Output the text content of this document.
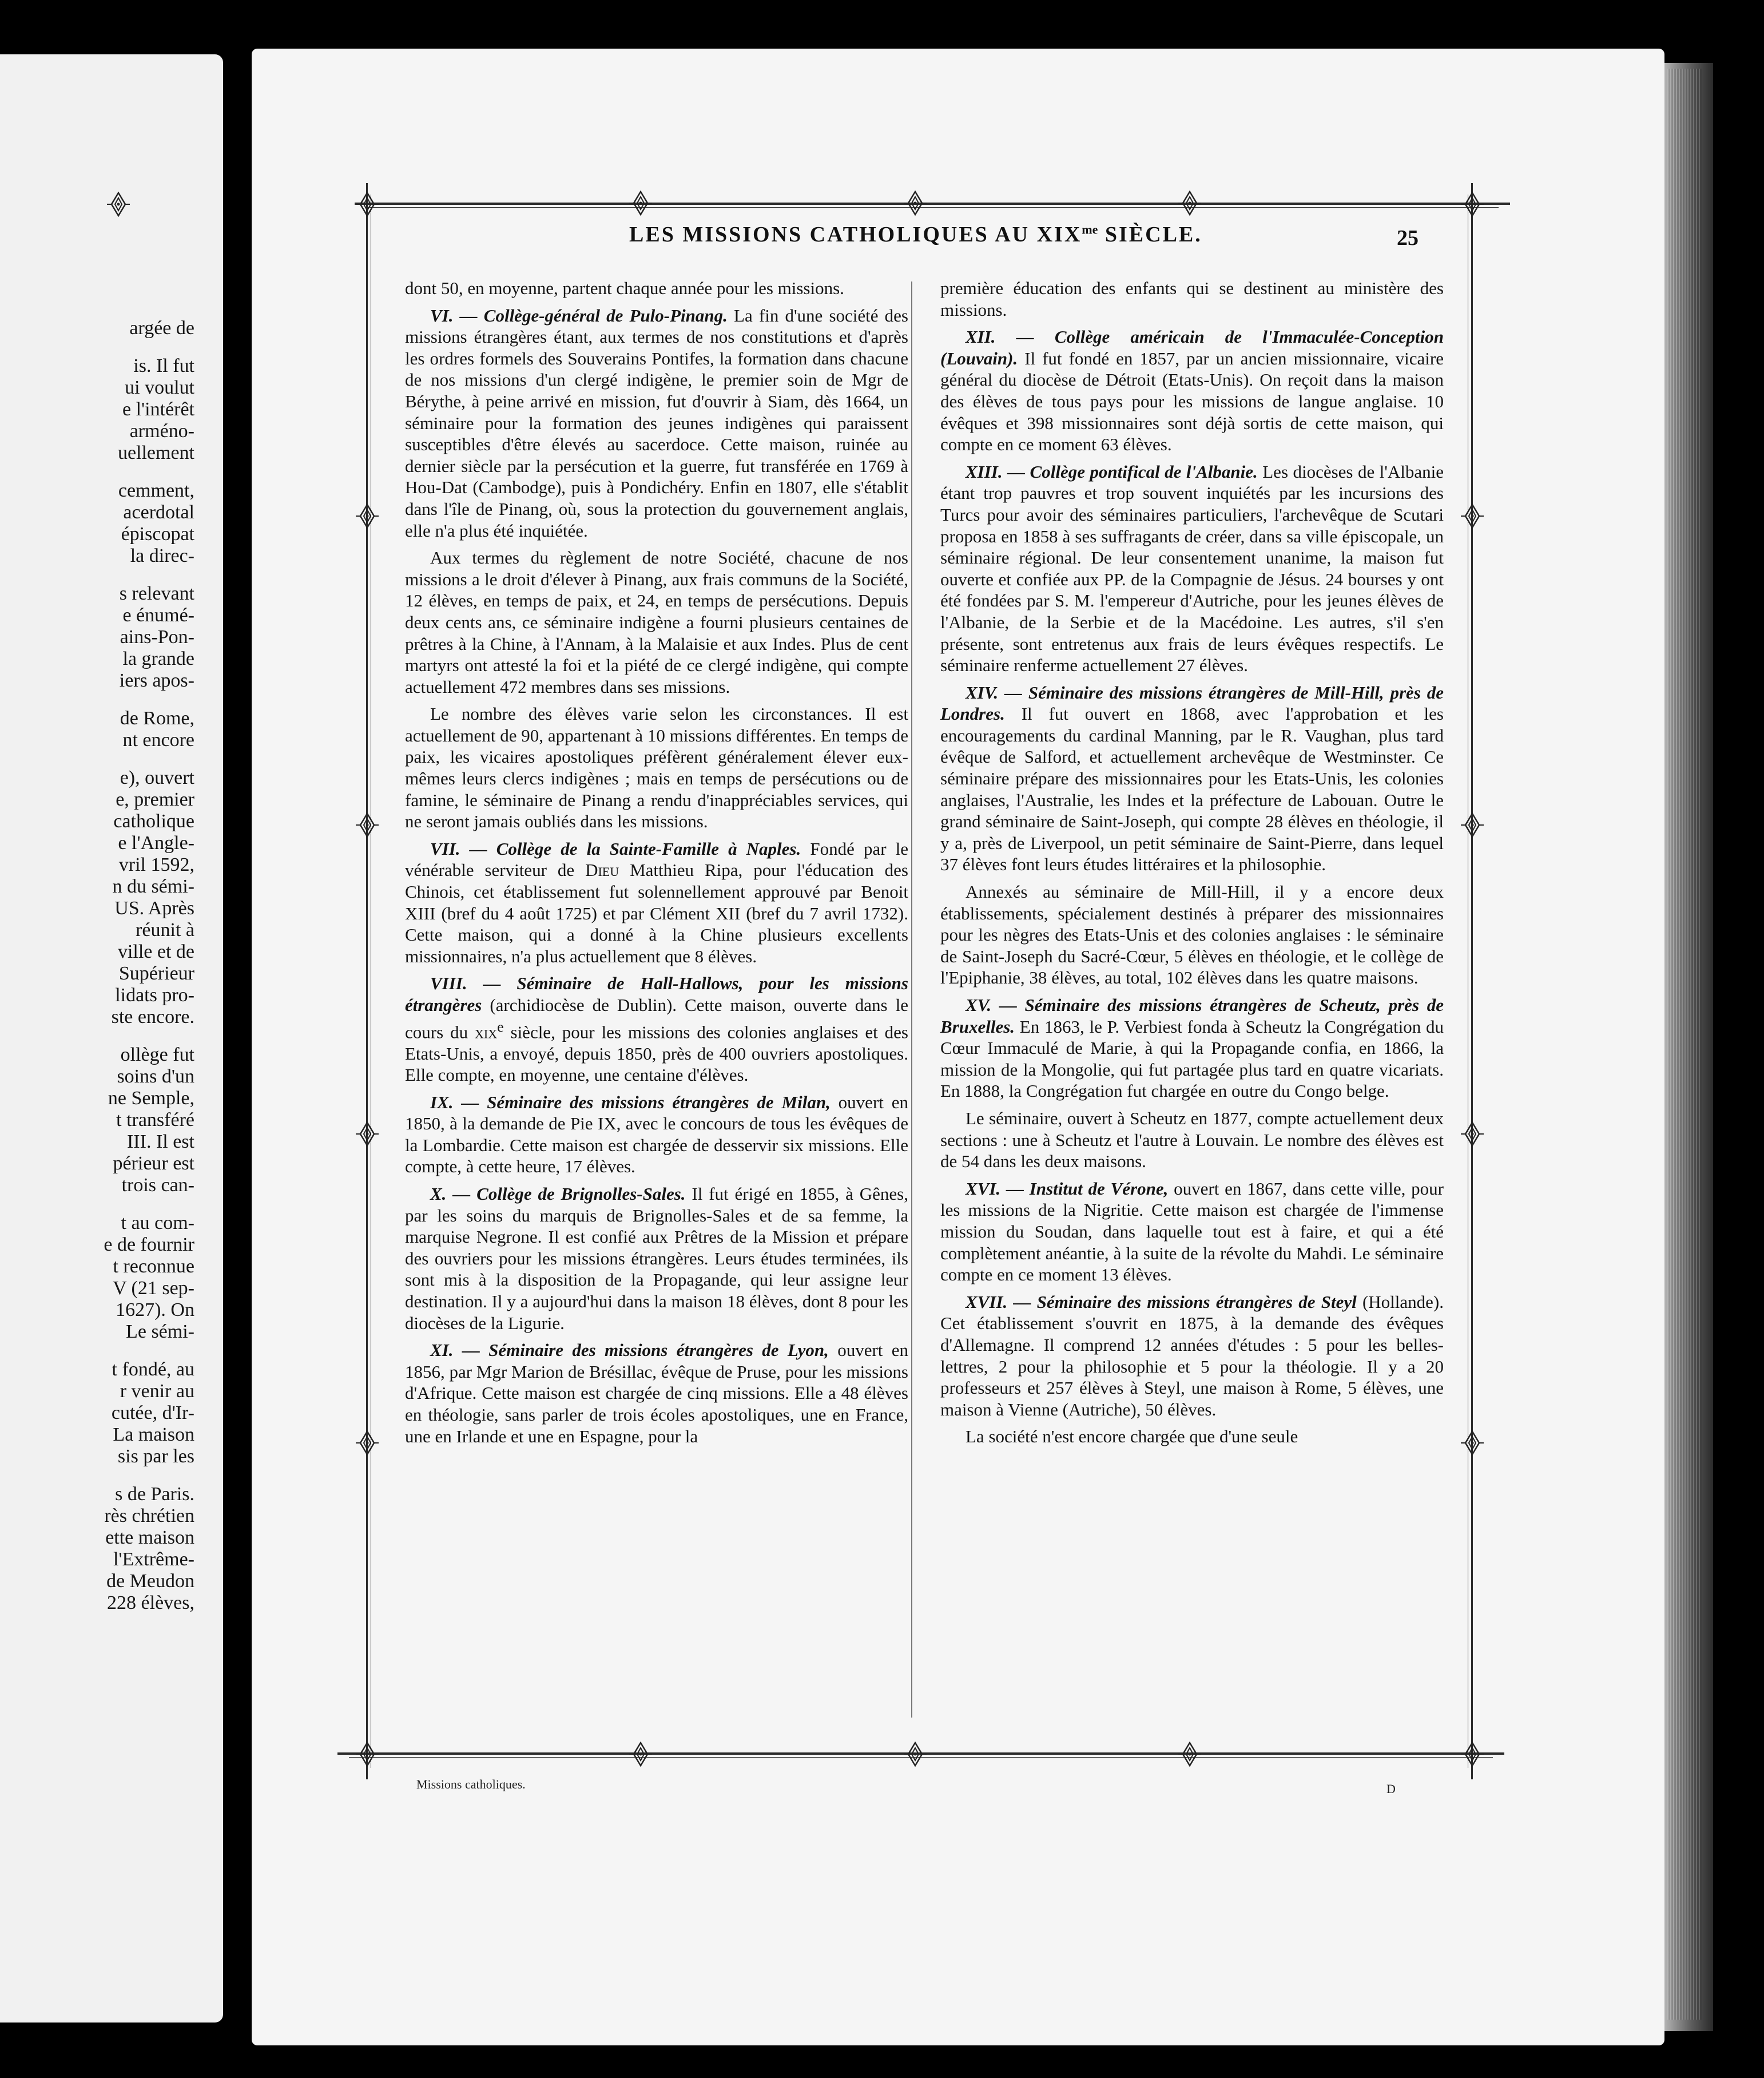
argée de
is. Il fut
ui voulut
e l'intérêt
arméno-
uellement
cemment,
acerdotal
épiscopat
la direc-
s relevant
e énumé-
ains-Pon-
la grande
iers apos-
de Rome,
nt encore
e), ouvert
e, premier
catholique
e l'Angle-
vril 1592,
n du sémi-
US. Après
réunit à
ville et de
Supérieur
lidats pro-
ste encore.
ollège fut
soins d'un
ne Semple,
t transféré
III. Il est
périeur est
trois can-
t au com-
e de fournir
t reconnue
V (21 sep-
1627). On
Le sémi-
t fondé, au
r venir au
cutée, d'Ir-
La maison
sis par les
s de Paris.
rès chrétien
ette maison
l'Extrême-
de Meudon
228 élèves,
LES MISSIONS CATHOLIQUES AU $XIX^{me}$ SIÈCLE.	25

dont 50, en moyenne, partent chaque année pour les missions.

VI. — Collège-général de Pulo-Pinang. La fin d'une société des missions étrangères étant, aux termes de nos constitutions et d'après les ordres formels des Souverains Pontifes, la formation dans chacune de nos missions d'un clergé indigène, le premier soin de Mgr de Bérythe, à peine arrivé en mission, fut d'ouvrir à Siam, dès 1664, un séminaire pour la formation des jeunes indigènes qui paraissent susceptibles d'être élevés au sacerdoce. Cette maison, ruinée au dernier siècle par la persécution et la guerre, fut transférée en 1769 à Hou-Dat (Cambodge), puis à Pondichéry. Enfin en 1807, elle s'établit dans l'île de Pinang, où, sous la protection du gouvernement anglais, elle n'a plus été inquiétée.

Aux termes du règlement de notre Société, chacune de nos missions a le droit d'élever à Pinang, aux frais communs de la Société, 12 élèves, en temps de paix, et 24, en temps de persécutions. Depuis deux cents ans, ce séminaire indigène a fourni plusieurs centaines de prêtres à la Chine, à l'Annam, à la Malaisie et aux Indes. Plus de cent martyrs ont attesté la foi et la piété de ce clergé indigène, qui compte actuellement 472 membres dans ses missions.

Le nombre des élèves varie selon les circonstances. Il est actuellement de 90, appartenant à 10 missions différentes. En temps de paix, les vicaires apostoliques préfèrent généralement élever eux-mêmes leurs clercs indigènes ; mais en temps de persécutions ou de famine, le séminaire de Pinang a rendu d'inappréciables services, qui ne seront jamais oubliés dans les missions.

VII. — Collège de la Sainte-Famille à Naples. Fondé par le vénérable serviteur de Dieu Matthieu Ripa, pour l'éducation des Chinois, cet établissement fut solennellement approuvé par Benoit XIII (bref du 4 août 1725) et par Clément XII (bref du 7 avril 1732). Cette maison, qui a donné à la Chine plusieurs excellents missionnaires, n'a plus actuellement que 8 élèves.

VIII. — Séminaire de Hall-Hallows, pour les missions étrangères (archidiocèse de Dublin). Cette maison, ouverte dans le cours du xix$^e$ siècle, pour les missions des colonies anglaises et des Etats-Unis, a envoyé, depuis 1850, près de 400 ouvriers apostoliques. Elle compte, en moyenne, une centaine d'élèves.

IX. — Séminaire des missions étrangères de Milan, ouvert en 1850, à la demande de Pie IX, avec le concours de tous les évêques de la Lombardie. Cette maison est chargée de desservir six missions. Elle compte, à cette heure, 17 élèves.

X. — Collège de Brignolles-Sales. Il fut érigé en 1855, à Gênes, par les soins du marquis de Brignolles-Sales et de sa femme, la marquise Negrone. Il est confié aux Prêtres de la Mission et prépare des ouvriers pour les missions étrangères. Leurs études terminées, ils sont mis à la disposition de la Propagande, qui leur assigne leur destination. Il y a aujourd'hui dans la maison 18 élèves, dont 8 pour les diocèses de la Ligurie.

XI. — Séminaire des missions étrangères de Lyon, ouvert en 1856, par Mgr Marion de Brésillac, évêque de Pruse, pour les missions d'Afrique. Cette maison est chargée de cinq missions. Elle a 48 élèves en théologie, sans parler de trois écoles apostoliques, une en France, une en Irlande et une en Espagne, pour la

première éducation des enfants qui se destinent au ministère des missions.

XII. — Collège américain de l'Immaculée-Conception (Louvain). Il fut fondé en 1857, par un ancien missionnaire, vicaire général du diocèse de Détroit (Etats-Unis). On reçoit dans la maison des élèves de tous pays pour les missions de langue anglaise. 10 évêques et 398 missionnaires sont déjà sortis de cette maison, qui compte en ce moment 63 élèves.

XIII. — Collège pontifical de l'Albanie. Les diocèses de l'Albanie étant trop pauvres et trop souvent inquiétés par les incursions des Turcs pour avoir des séminaires particuliers, l'archevêque de Scutari proposa en 1858 à ses suffragants de créer, dans sa ville épiscopale, un séminaire régional. De leur consentement unanime, la maison fut ouverte et confiée aux PP. de la Compagnie de Jésus. 24 bourses y ont été fondées par S. M. l'empereur d'Autriche, pour les jeunes élèves de l'Albanie, de la Serbie et de la Macédoine. Les autres, s'il s'en présente, sont entretenus aux frais de leurs évêques respectifs. Le séminaire renferme actuellement 27 élèves.

XIV. — Séminaire des missions étrangères de Mill-Hill, près de Londres. Il fut ouvert en 1868, avec l'approbation et les encouragements du cardinal Manning, par le R. Vaughan, plus tard évêque de Salford, et actuellement archevêque de Westminster. Ce séminaire prépare des missionnaires pour les Etats-Unis, les colonies anglaises, l'Australie, les Indes et la préfecture de Labouan. Outre le grand séminaire de Saint-Joseph, qui compte 28 élèves en théologie, il y a, près de Liverpool, un petit séminaire de Saint-Pierre, dans lequel 37 élèves font leurs études littéraires et la philosophie.

Annexés au séminaire de Mill-Hill, il y a encore deux établissements, spécialement destinés à préparer des missionnaires pour les nègres des Etats-Unis et des colonies anglaises : le séminaire de Saint-Joseph du Sacré-Cœur, 5 élèves en théologie, et le collège de l'Epiphanie, 38 élèves, au total, 102 élèves dans les quatre maisons.

XV. — Séminaire des missions étrangères de Scheutz, près de Bruxelles. En 1863, le P. Verbiest fonda à Scheutz la Congrégation du Cœur Immaculé de Marie, à qui la Propagande confia, en 1866, la mission de la Mongolie, qui fut partagée plus tard en quatre vicariats. En 1888, la Congrégation fut chargée en outre du Congo belge.

Le séminaire, ouvert à Scheutz en 1877, compte actuellement deux sections : une à Scheutz et l'autre à Louvain. Le nombre des élèves est de 54 dans les deux maisons.

XVI. — Institut de Vérone, ouvert en 1867, dans cette ville, pour les missions de la Nigritie. Cette maison est chargée de l'immense mission du Soudan, dans laquelle tout est à faire, et qui a été complètement anéantie, à la suite de la révolte du Mahdi. Le séminaire compte en ce moment 13 élèves.

XVII. — Séminaire des missions étrangères de Steyl (Hollande). Cet établissement s'ouvrit en 1875, à la demande des évêques d'Allemagne. Il comprend 12 années d'études : 5 pour les belles-lettres, 2 pour la philosophie et 5 pour la théologie. Il y a 20 professeurs et 257 élèves à Steyl, une maison à Rome, 5 élèves, une maison à Vienne (Autriche), 50 élèves.

La société n'est encore chargée que d'une seule

Missions catholiques.	D
